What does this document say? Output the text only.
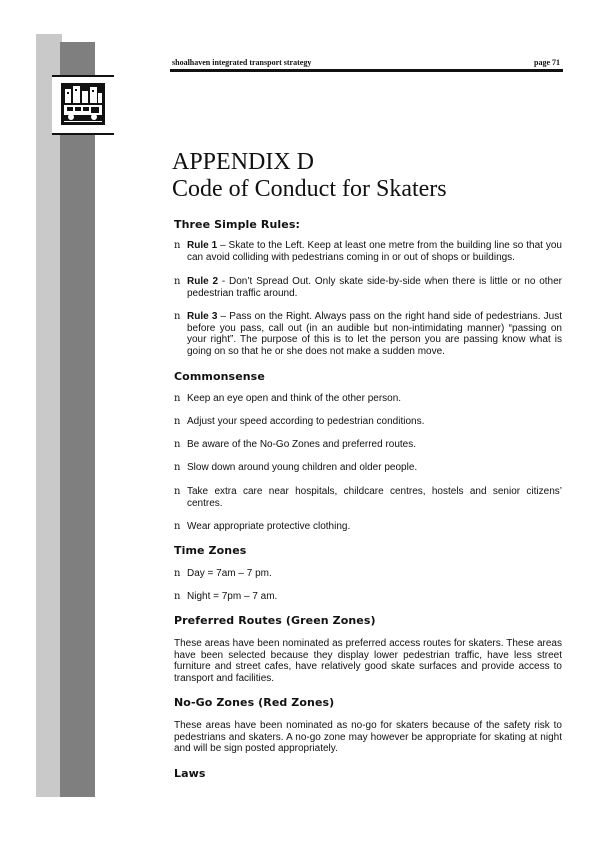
shoalhaven integrated transport strategy	page 71
APPENDIX D
Code of Conduct for Skaters
Three Simple Rules:
n Rule 1 – Skate to the Left. Keep at least one metre from the building line so that you can avoid colliding with pedestrians coming in or out of shops or buildings.
n Rule 2 - Don’t Spread Out. Only skate side-by-side when there is little or no other pedestrian traffic around.
n Rule 3 – Pass on the Right. Always pass on the right hand side of pedestrians. Just before you pass, call out (in an audible but non-intimidating manner) “passing on your right”. The purpose of this is to let the person you are passing know what is going on so that he or she does not make a sudden move.
Commonsense
n Keep an eye open and think of the other person.
n Adjust your speed according to pedestrian conditions.
n Be aware of the No-Go Zones and preferred routes.
n Slow down around young children and older people.
n Take extra care near hospitals, childcare centres, hostels and senior citizens’ centres.
n Wear appropriate protective clothing.
Time Zones
n Day = 7am – 7 pm.
n Night = 7pm – 7 am.
Preferred Routes (Green Zones)

These areas have been nominated as preferred access routes for skaters. These areas have been selected because they display lower pedestrian traffic, have less street furniture and street cafes, have relatively good skate surfaces and provide access to transport and facilities.

No-Go Zones (Red Zones)

These areas have been nominated as no-go for skaters because of the safety risk to pedestrians and skaters. A no-go zone may however be appropriate for skating at night and will be sign posted appropriately.

Laws
